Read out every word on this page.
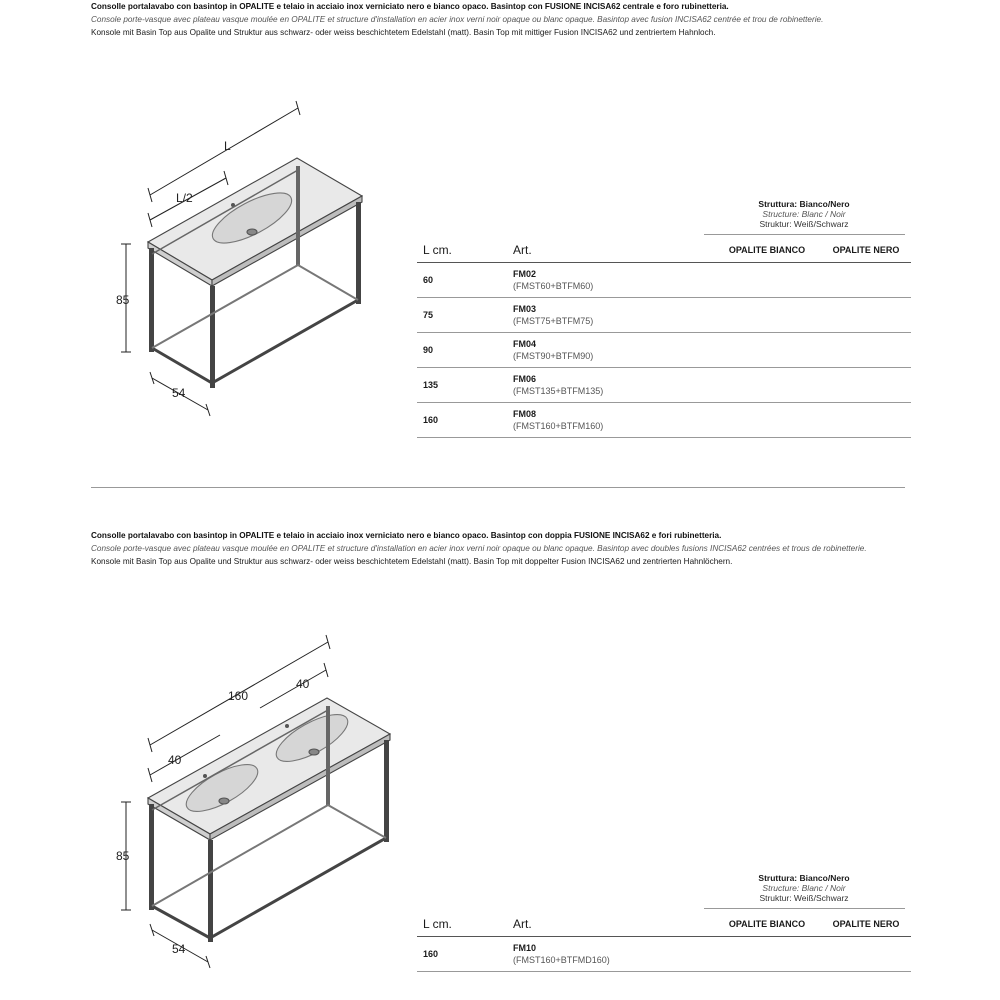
Consolle portalavabo con basintop in OPALITE e telaio in acciaio inox verniciato nero e bianco opaco. Basintop con FUSIONE INCISA62 centrale e foro rubinetteria.

Console porte-vasque avec plateau vasque moulée en OPALITE et structure d'installation en acier inox verni noir opaque ou blanc opaque. Basintop avec fusion INCISA62 centrée et trou de robinetterie.

Konsole mit Basin Top aus Opalite und Struktur aus schwarz- oder weiss beschichtetem Edelstahl (matt). Basin Top mit mittiger Fusion INCISA62 und zentriertem Hahnloch.

L
L/2
85
54
Struttura: Bianco/Nero
Structure: Blanc / Noir
Struktur: Weiß/Schwarz
L cm.	Art.	OPALITE BIANCO	OPALITE NERO
60	FM02
(FMST60+BTFM60)		

75	FM03
(FMST75+BTFM75)		

90	FM04
(FMST90+BTFM90)		

135	FM06
(FMST135+BTFM135)		

160	FM08
(FMST160+BTFM160)		

Consolle portalavabo con basintop in OPALITE e telaio in acciaio inox verniciato nero e bianco opaco. Basintop con doppia FUSIONE INCISA62 e fori rubinetteria.

Console porte-vasque avec plateau vasque moulée en OPALITE et structure d'installation en acier inox verni noir opaque ou blanc opaque. Basintop avec doubles fusions INCISA62 centrées et trous de robinetterie.

Konsole mit Basin Top aus Opalite und Struktur aus schwarz- oder weiss beschichtetem Edelstahl (matt). Basin Top mit doppelter Fusion INCISA62 und zentrierten Hahnlöchern.

160
40
40
85
54
Struttura: Bianco/Nero
Structure: Blanc / Noir
Struktur: Weiß/Schwarz
L cm.	Art.	OPALITE BIANCO	OPALITE NERO
160	FM10
(FMST160+BTFMD160)		
